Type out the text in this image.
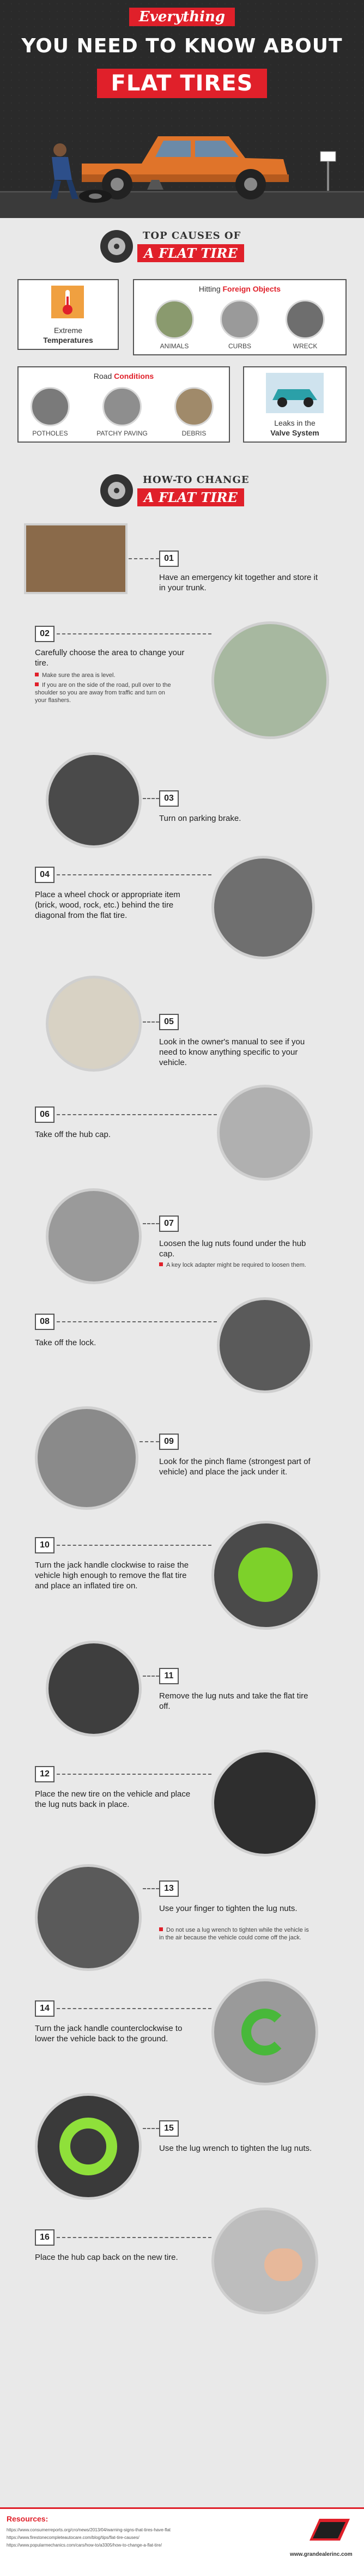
Everything
YOU NEED TO KNOW ABOUT
FLAT TIRES
TOP CAUSES OF
A FLAT TIRE
Extreme
Temperatures
Hitting Foreign Objects
ANIMALS	CURBS	WRECK
Road Conditions
POTHOLES	PATCHY PAVING	DEBRIS
Leaks in the
Valve System
HOW-TO CHANGE
A FLAT TIRE
01
Have an emergency kit together and store it in your trunk.
02
Carefully choose the area to change your tire.
Make sure the area is level.
If you are on the side of the road, pull over to the shoulder so you are away from traffic and turn on your flashers.
03
Turn on parking brake.
04
Place a wheel chock or appropriate item (brick, wood, rock, etc.) behind the tire diagonal from the flat tire.
05
Look in the owner's manual to see if you need to know anything specific to your vehicle.
06
Take off the hub cap.
07
Loosen the lug nuts found under the hub cap.
A key lock adapter might be required to loosen them.
08
Take off the lock.
09
Look for the pinch flame (strongest part of vehicle) and place the jack under it.
10
Turn the jack handle clockwise to raise the vehicle high enough to remove the flat tire and place an inflated tire on.
11
Remove the lug nuts and take the flat tire off.
12
Place the new tire on the vehicle and place the lug nuts back in place.
13
Use your finger to tighten the lug nuts.
Do not use a lug wrench to tighten while the vehicle is in the air because the vehicle could come off the jack.
14
Turn the jack handle counterclockwise to lower the vehicle back to the ground.
15
Use the lug wrench to tighten the lug nuts.
16
Place the hub cap back on the new tire.
Resources:
https://www.consumerreports.org/cro/news/2013/04/warning-signs-that-tires-have-flat
https://www.firestonecompleteautocare.com/blog/tips/flat-tire-causes/
https://www.popularmechanics.com/cars/how-to/a3305/how-to-change-a-flat-tire/
www.grandealerinc.com
